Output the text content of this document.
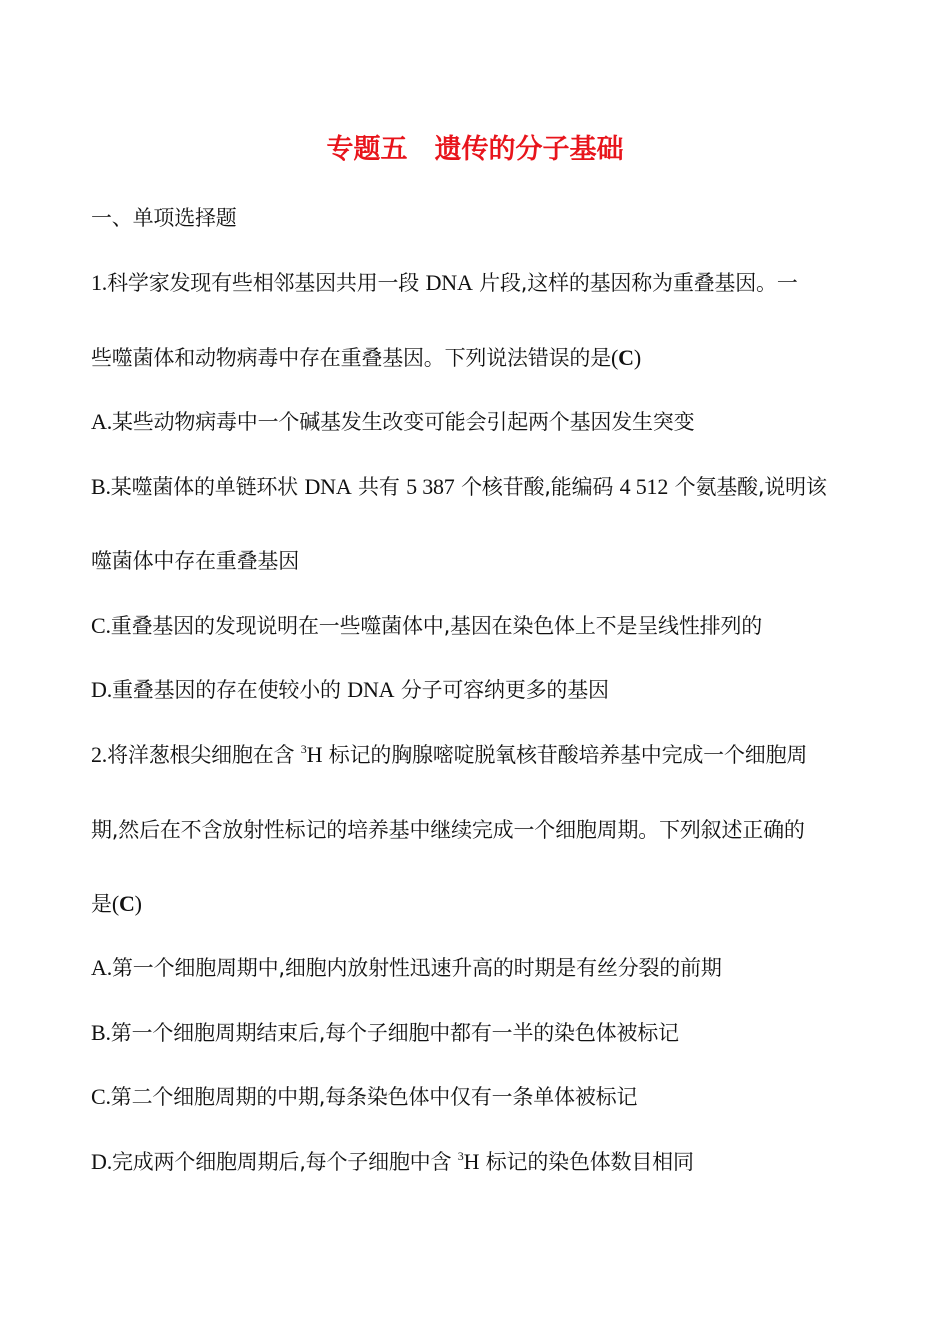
专题五　遗传的分子基础
一、单项选择题
1.科学家发现有些相邻基因共用一段 DNA 片段,这样的基因称为重叠基因。一
些噬菌体和动物病毒中存在重叠基因。下列说法错误的是(C)
A.某些动物病毒中一个碱基发生改变可能会引起两个基因发生突变
B.某噬菌体的单链环状 DNA 共有 5 387 个核苷酸,能编码 4 512 个氨基酸,说明该
噬菌体中存在重叠基因
C.重叠基因的发现说明在一些噬菌体中,基因在染色体上不是呈线性排列的
D.重叠基因的存在使较小的 DNA 分子可容纳更多的基因
2.将洋葱根尖细胞在含 $^3$H 标记的胸腺嘧啶脱氧核苷酸培养基中完成一个细胞周
期,然后在不含放射性标记的培养基中继续完成一个细胞周期。下列叙述正确的
是(C)
A.第一个细胞周期中,细胞内放射性迅速升高的时期是有丝分裂的前期
B.第一个细胞周期结束后,每个子细胞中都有一半的染色体被标记
C.第二个细胞周期的中期,每条染色体中仅有一条单体被标记
D.完成两个细胞周期后,每个子细胞中含 $^3$H 标记的染色体数目相同
